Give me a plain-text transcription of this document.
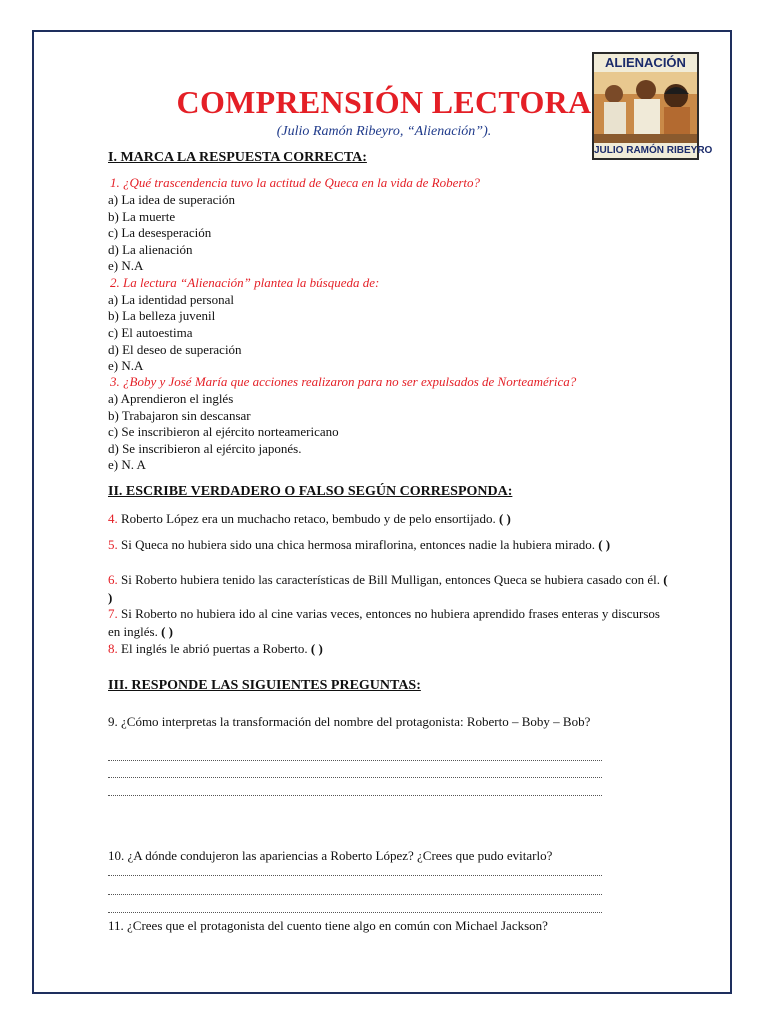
ALIENACIÓN
JULIO RAMÓN RIBEYRO
COMPRENSIÓN LECTORA
(Julio Ramón Ribeyro, “Alienación”).
I. MARCA LA RESPUESTA CORRECTA:
1. ¿Qué trascendencia tuvo la actitud de Queca en la vida de Roberto?
a) La idea de superación
b) La muerte
c) La desesperación
d) La alienación
e) N.A
2. La lectura “Alienación” plantea la búsqueda de:
a) La identidad personal
b) La belleza juvenil
c) El autoestima
d) El deseo de superación
e) N.A
3. ¿Boby y José María que acciones realizaron para no ser expulsados de Norteamérica?
a) Aprendieron el inglés
b) Trabajaron sin descansar
c) Se inscribieron al ejército norteamericano
d) Se inscribieron al ejército japonés.
e) N. A
II. ESCRIBE VERDADERO O FALSO SEGÚN CORRESPONDA:
4. Roberto López era un muchacho retaco, bembudo y de pelo ensortijado. ( )
5. Si Queca no hubiera sido una chica hermosa miraflorina, entonces nadie la hubiera mirado. ( )
6. Si Roberto hubiera tenido las características de Bill Mulligan, entonces Queca se hubiera casado con él. ( )
7. Si Roberto no hubiera ido al cine varias veces, entonces no hubiera aprendido frases enteras y discursos en inglés. ( )
8. El inglés le abrió puertas a Roberto. ( )
III. RESPONDE LAS SIGUIENTES PREGUNTAS:
9. ¿Cómo interpretas la transformación del nombre del protagonista: Roberto – Boby – Bob?
10. ¿A dónde condujeron las apariencias a Roberto López? ¿Crees que pudo evitarlo?
11. ¿Crees que el protagonista del cuento tiene algo en común con Michael Jackson?
